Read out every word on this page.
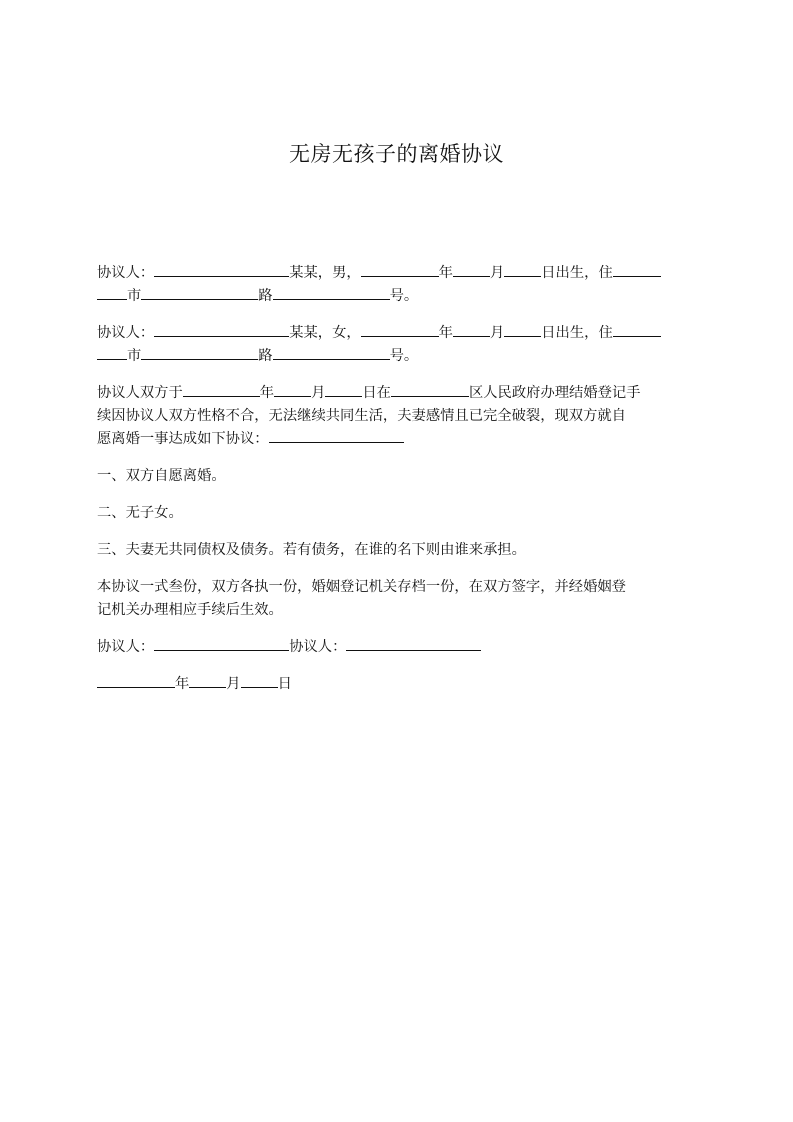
无房无孩子的离婚协议
协议人：	某某，男，	年	月	日出生，住
市	路	号。
协议人：	某某，女，	年	月	日出生，住
市	路	号。
协议人双方于	年	月	日在	区人民政府办理结婚登记手
续因协议人双方性格不合，无法继续共同生活，夫妻感情且已完全破裂，现双方就自
愿离婚一事达成如下协议：
一、双方自愿离婚。
二、无子女。
三、夫妻无共同债权及债务。若有债务，在谁的名下则由谁来承担。
本协议一式叁份，双方各执一份，婚姻登记机关存档一份，在双方签字，并经婚姻登
记机关办理相应手续后生效。
协议人：	协议人：
年	月	日
